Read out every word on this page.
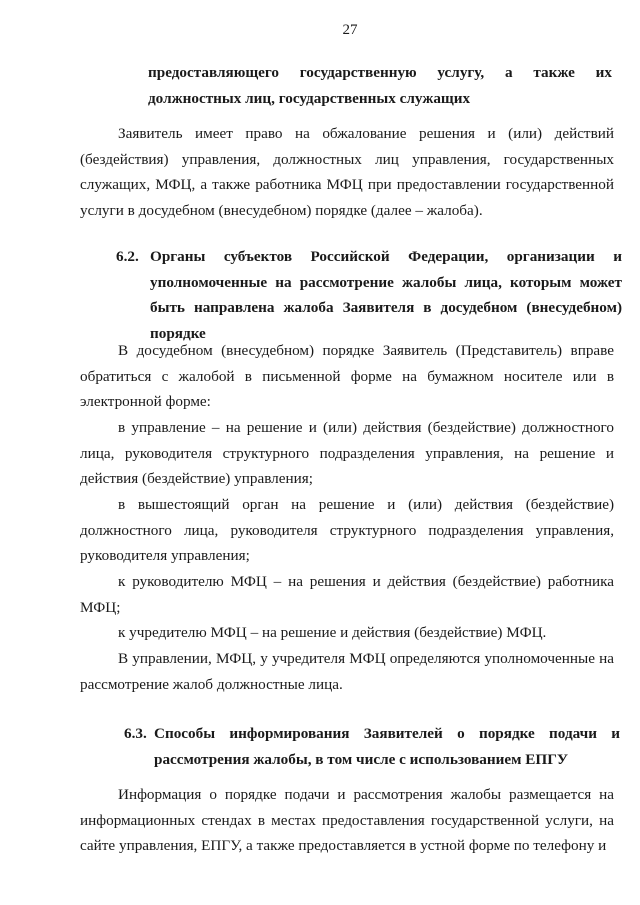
27
предоставляющего государственную услугу, а также их
должностных лиц, государственных служащих

Заявитель имеет право на обжалование решения и (или) действий (бездействия) управления, должностных лиц управления, государственных служащих, МФЦ, а также работника МФЦ при предоставлении государственной услуги в досудебном (внесудебном) порядке (далее – жалоба).

6.2. Органы субъектов Российской Федерации, организации и уполномоченные на рассмотрение жалобы лица, которым может быть направлена жалоба Заявителя в досудебном (внесудебном) порядке

В досудебном (внесудебном) порядке Заявитель (Представитель) вправе обратиться с жалобой в письменной форме на бумажном носителе или в электронной форме:

в управление – на решение и (или) действия (бездействие) должностного лица, руководителя структурного подразделения управления, на решение и действия (бездействие) управления;

в вышестоящий орган на решение и (или) действия (бездействие) должностного лица, руководителя структурного подразделения управления, руководителя управления;

к руководителю МФЦ – на решения и действия (бездействие) работника МФЦ;

к учредителю МФЦ – на решение и действия (бездействие) МФЦ.

В управлении, МФЦ, у учредителя МФЦ определяются уполномоченные на рассмотрение жалоб должностные лица.

6.3. Способы информирования Заявителей о порядке подачи и
рассмотрения жалобы, в том числе с использованием ЕПГУ

Информация о порядке подачи и рассмотрения жалобы размещается на информационных стендах в местах предоставления государственной услуги, на сайте управления, ЕПГУ, а также предоставляется в устной форме по телефону и
